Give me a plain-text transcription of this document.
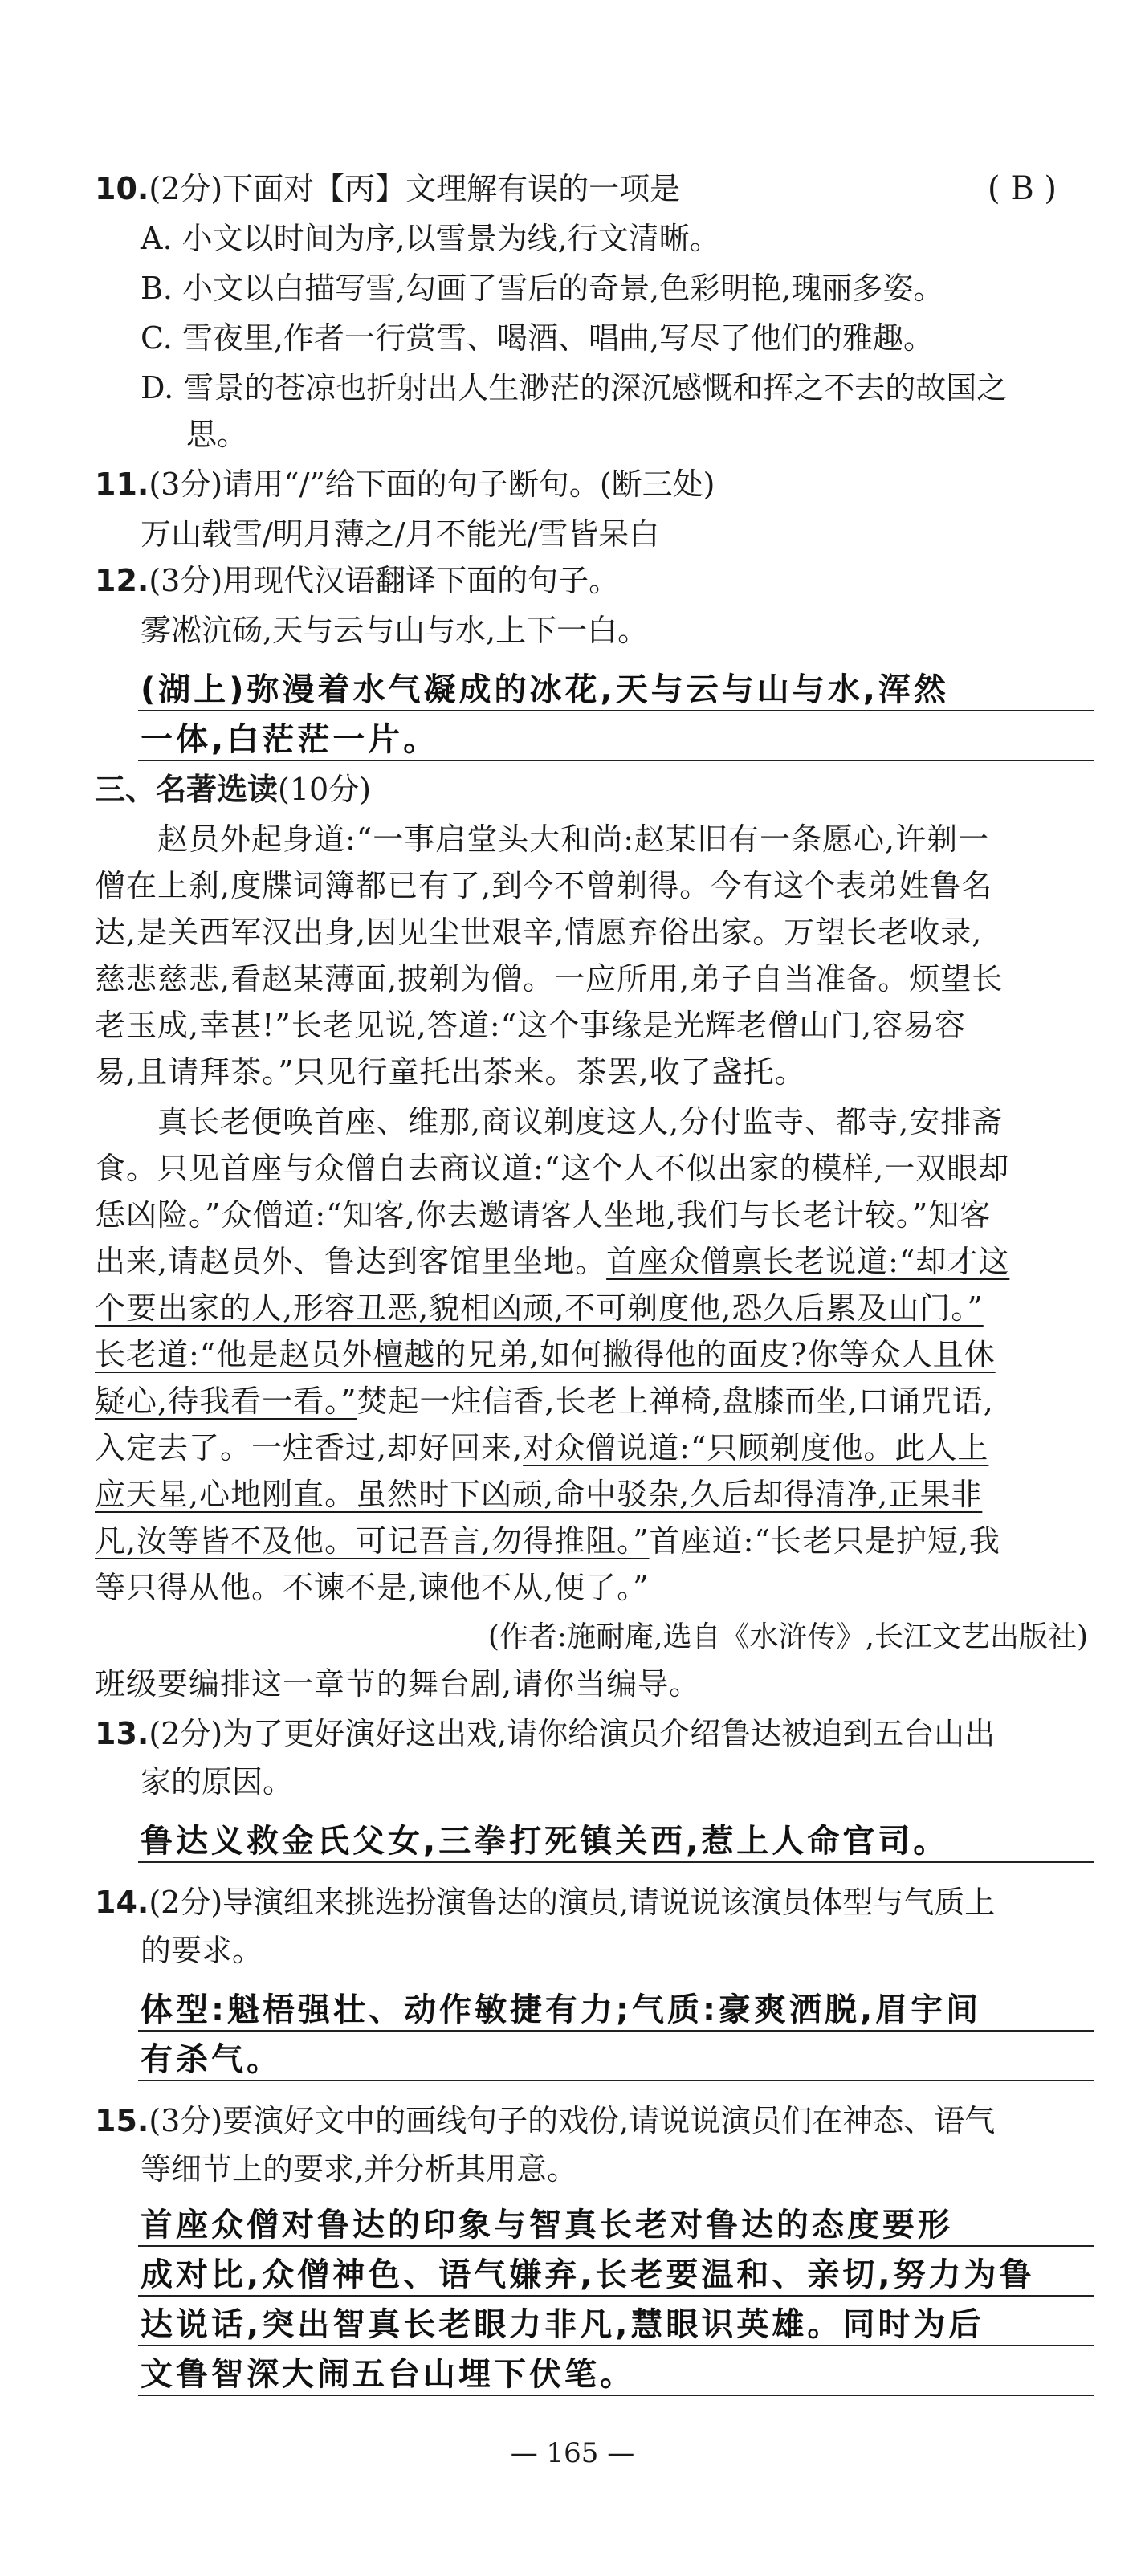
10.(2分)下面对【丙】文理解有误的一项是	( B )
A. 小文以时间为序,以雪景为线,行文清晰。
B. 小文以白描写雪,勾画了雪后的奇景,色彩明艳,瑰丽多姿。
C. 雪夜里,作者一行赏雪、喝酒、唱曲,写尽了他们的雅趣。
D. 雪景的苍凉也折射出人生渺茫的深沉感慨和挥之不去的故国之
思。
11.(3分)请用“/”给下面的句子断句。(断三处)
万山载雪/明月薄之/月不能光/雪皆呆白
12.(3分)用现代汉语翻译下面的句子。
雾凇沆砀,天与云与山与水,上下一白。
(湖上)弥漫着水气凝成的冰花,天与云与山与水,浑然
一体,白茫茫一片。
三、名著选读(10分)
　　赵员外起身道:“一事启堂头大和尚:赵某旧有一条愿心,许剃一
僧在上刹,度牒词簿都已有了,到今不曾剃得。今有这个表弟姓鲁名
达,是关西军汉出身,因见尘世艰辛,情愿弃俗出家。万望长老收录,
慈悲慈悲,看赵某薄面,披剃为僧。一应所用,弟子自当准备。烦望长
老玉成,幸甚!”长老见说,答道:“这个事缘是光辉老僧山门,容易容
易,且请拜茶。”只见行童托出茶来。茶罢,收了盏托。
　　真长老便唤首座、维那,商议剃度这人,分付监寺、都寺,安排斋
食。只见首座与众僧自去商议道:“这个人不似出家的模样,一双眼却
恁凶险。”众僧道:“知客,你去邀请客人坐地,我们与长老计较。”知客
出来,请赵员外、鲁达到客馆里坐地。首座众僧禀长老说道:“却才这
个要出家的人,形容丑恶,貌相凶顽,不可剃度他,恐久后累及山门。”
长老道:“他是赵员外檀越的兄弟,如何撇得他的面皮?你等众人且休
疑心,待我看一看。”焚起一炷信香,长老上禅椅,盘膝而坐,口诵咒语,
入定去了。一炷香过,却好回来,对众僧说道:“只顾剃度他。此人上
应天星,心地刚直。虽然时下凶顽,命中驳杂,久后却得清净,正果非
凡,汝等皆不及他。可记吾言,勿得推阻。”首座道:“长老只是护短,我
等只得从他。不谏不是,谏他不从,便了。”
(作者:施耐庵,选自《水浒传》,长江文艺出版社)
班级要编排这一章节的舞台剧,请你当编导。
13.(2分)为了更好演好这出戏,请你给演员介绍鲁达被迫到五台山出
家的原因。
鲁达义救金氏父女,三拳打死镇关西,惹上人命官司。
14.(2分)导演组来挑选扮演鲁达的演员,请说说该演员体型与气质上
的要求。
体型:魁梧强壮、动作敏捷有力;气质:豪爽洒脱,眉宇间
有杀气。
15.(3分)要演好文中的画线句子的戏份,请说说演员们在神态、语气
等细节上的要求,并分析其用意。
首座众僧对鲁达的印象与智真长老对鲁达的态度要形
成对比,众僧神色、语气嫌弃,长老要温和、亲切,努力为鲁
达说话,突出智真长老眼力非凡,慧眼识英雄。同时为后
文鲁智深大闹五台山埋下伏笔。
— 165 —
